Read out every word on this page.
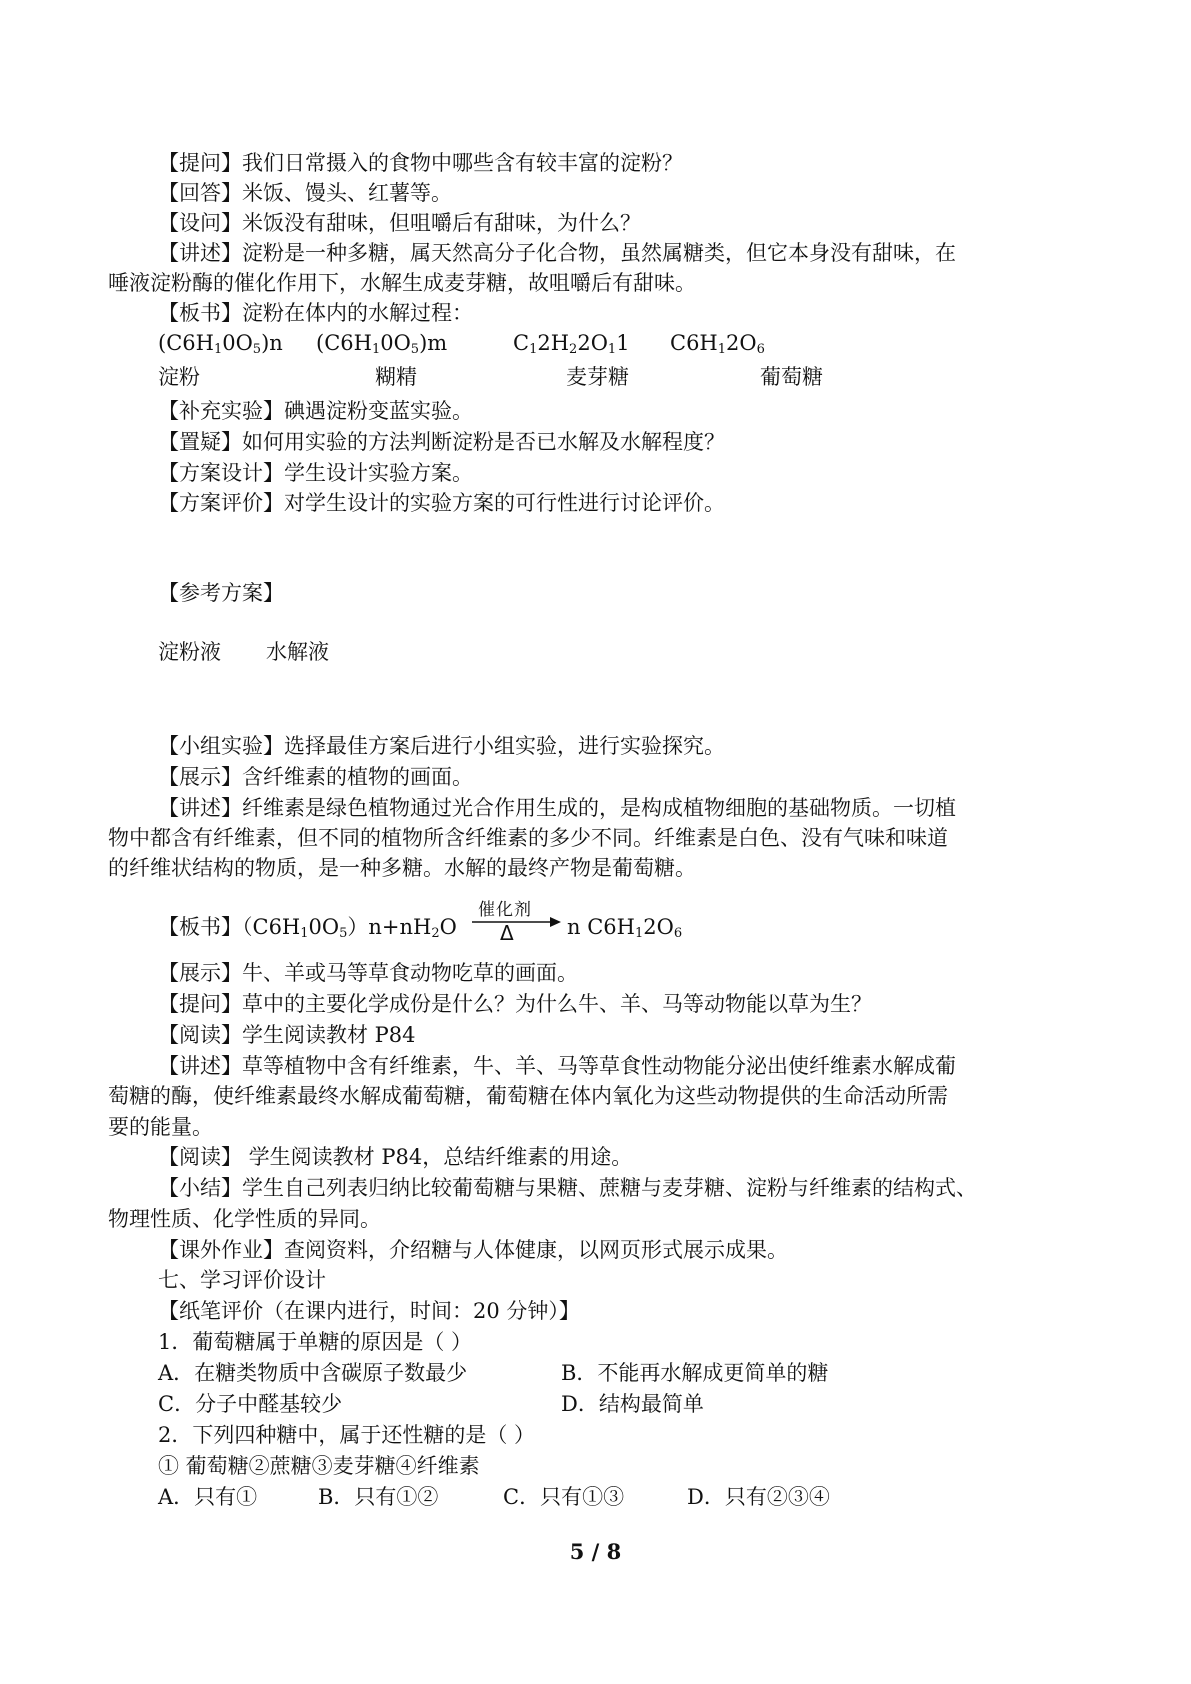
【提问】我们日常摄入的食物中哪些含有较丰富的淀粉？
【回答】米饭、馒头、红薯等。
【设问】米饭没有甜味，但咀嚼后有甜味，为什么？
【讲述】淀粉是一种多糖，属天然高分子化合物，虽然属糖类，但它本身没有甜味，在
唾液淀粉酶的催化作用下，水解生成麦芽糖，故咀嚼后有甜味。
【板书】淀粉在体内的水解过程：
$(C6H_10O_5)n$ $(C6H_10O_5)m$	$C_12H_22O_11$ $C6H_12O_6$
淀粉	糊精	麦芽糖	葡萄糖
【补充实验】碘遇淀粉变蓝实验。
【置疑】如何用实验的方法判断淀粉是否已水解及水解程度？
【方案设计】学生设计实验方案。
【方案评价】对学生设计的实验方案的可行性进行讨论评价。
【参考方案】
淀粉液 水解液
【小组实验】选择最佳方案后进行小组实验，进行实验探究。
【展示】含纤维素的植物的画面。
【讲述】纤维素是绿色植物通过光合作用生成的，是构成植物细胞的基础物质。一切植
物中都含有纤维素，但不同的植物所含纤维素的多少不同。纤维素是白色、没有气味和味道
的纤维状结构的物质，是一种多糖。水解的最终产物是葡萄糖。
【板书】$(C6H_10O_5)n+nH_2O$
催化剂
Δ	n $C6H_12O_6$
【展示】牛、羊或马等草食动物吃草的画面。
【提问】草中的主要化学成份是什么？为什么牛、羊、马等动物能以草为生？
【阅读】学生阅读教材 P84
【讲述】草等植物中含有纤维素，牛、羊、马等草食性动物能分泌出使纤维素水解成葡
萄糖的酶，使纤维素最终水解成葡萄糖，葡萄糖在体内氧化为这些动物提供的生命活动所需
要的能量。
【阅读】 学生阅读教材 P84，总结纤维素的用途。
【小结】学生自己列表归纳比较葡萄糖与果糖、蔗糖与麦芽糖、淀粉与纤维素的结构式、
物理性质、化学性质的异同。
【课外作业】查阅资料，介绍糖与人体健康，以网页形式展示成果。
七、学习评价设计
【纸笔评价（在课内进行，时间：20 分钟）】
1．葡萄糖属于单糖的原因是（ ）
A．在糖类物质中含碳原子数最少	B．不能再水解成更简单的糖
C．分子中醛基较少	D．结构最简单
2．下列四种糖中，属于还性糖的是（ ）
① 葡萄糖②蔗糖③麦芽糖④纤维素
A．只有①	B．只有①②	C．只有①③	D．只有②③④
5 / 8
